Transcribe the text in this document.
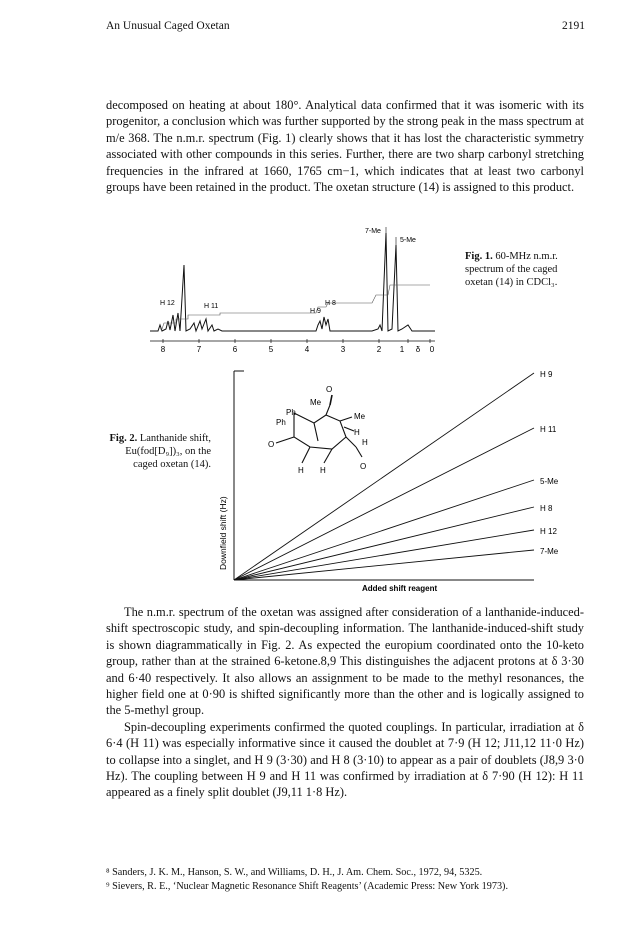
An Unusual Caged Oxetan	2191

decomposed on heating at about 180°. Analytical data confirmed that it was isomeric with its progenitor, a conclusion which was further supported by the strong peak in the mass spectrum at m/e 368. The n.m.r. spectrum (Fig. 1) clearly shows that it has lost the characteristic symmetry associated with other compounds in this series. Further, there are two sharp carbonyl stretching frequencies in the infrared at 1660, 1765 cm−1, which indicates that at least two carbonyl groups have been retained in the product. The oxetan structure (14) is assigned to this product.

8	7	6	5	4	3	2 1 δ 0
H 12	H 11
H 9
H 8
7-Me
5-Me
Fig. 1. 60-MHz n.m.r. spectrum of the caged oxetan (14) in CDCl₃.
Fig. 2. Lanthanide shift, Eu(fod[D₉])₃, on the caged oxetan (14).
H 9
H 11
5-Me
H 8
H 12
7-Me
Downfield shift (Hz)
Added shift reagent
O
Me
Ph
Ph
Me
H
H
O
H H
O

The n.m.r. spectrum of the oxetan was assigned after consideration of a lanthanide-induced-shift spectroscopic study, and spin-decoupling information. The lanthanide-induced-shift study is shown diagrammatically in Fig. 2. As expected the europium coordinated onto the 10-keto group, rather than at the strained 6-ketone.8,9 This distinguishes the adjacent protons at δ 3·30 and 6·40 respectively. It also allows an assignment to be made to the methyl resonances, the higher field one at 0·90 is shifted significantly more than the other and is logically assigned to the 5-methyl group.

Spin-decoupling experiments confirmed the quoted couplings. In particular, irradiation at δ 6·4 (H 11) was especially informative since it caused the doublet at 7·9 (H 12; J11,12 11·0 Hz) to collapse into a singlet, and H 9 (3·30) and H 8 (3·10) to appear as a pair of doublets (J8,9 3·0 Hz). The coupling between H 9 and H 11 was confirmed by irradiation at δ 7·90 (H 12): H 11 appeared as a finely split doublet (J9,11 1·8 Hz).

⁸ Sanders, J. K. M., Hanson, S. W., and Williams, D. H., J. Am. Chem. Soc., 1972, 94, 5325.
⁹ Sievers, R. E., ‘Nuclear Magnetic Resonance Shift Reagents’ (Academic Press: New York 1973).
